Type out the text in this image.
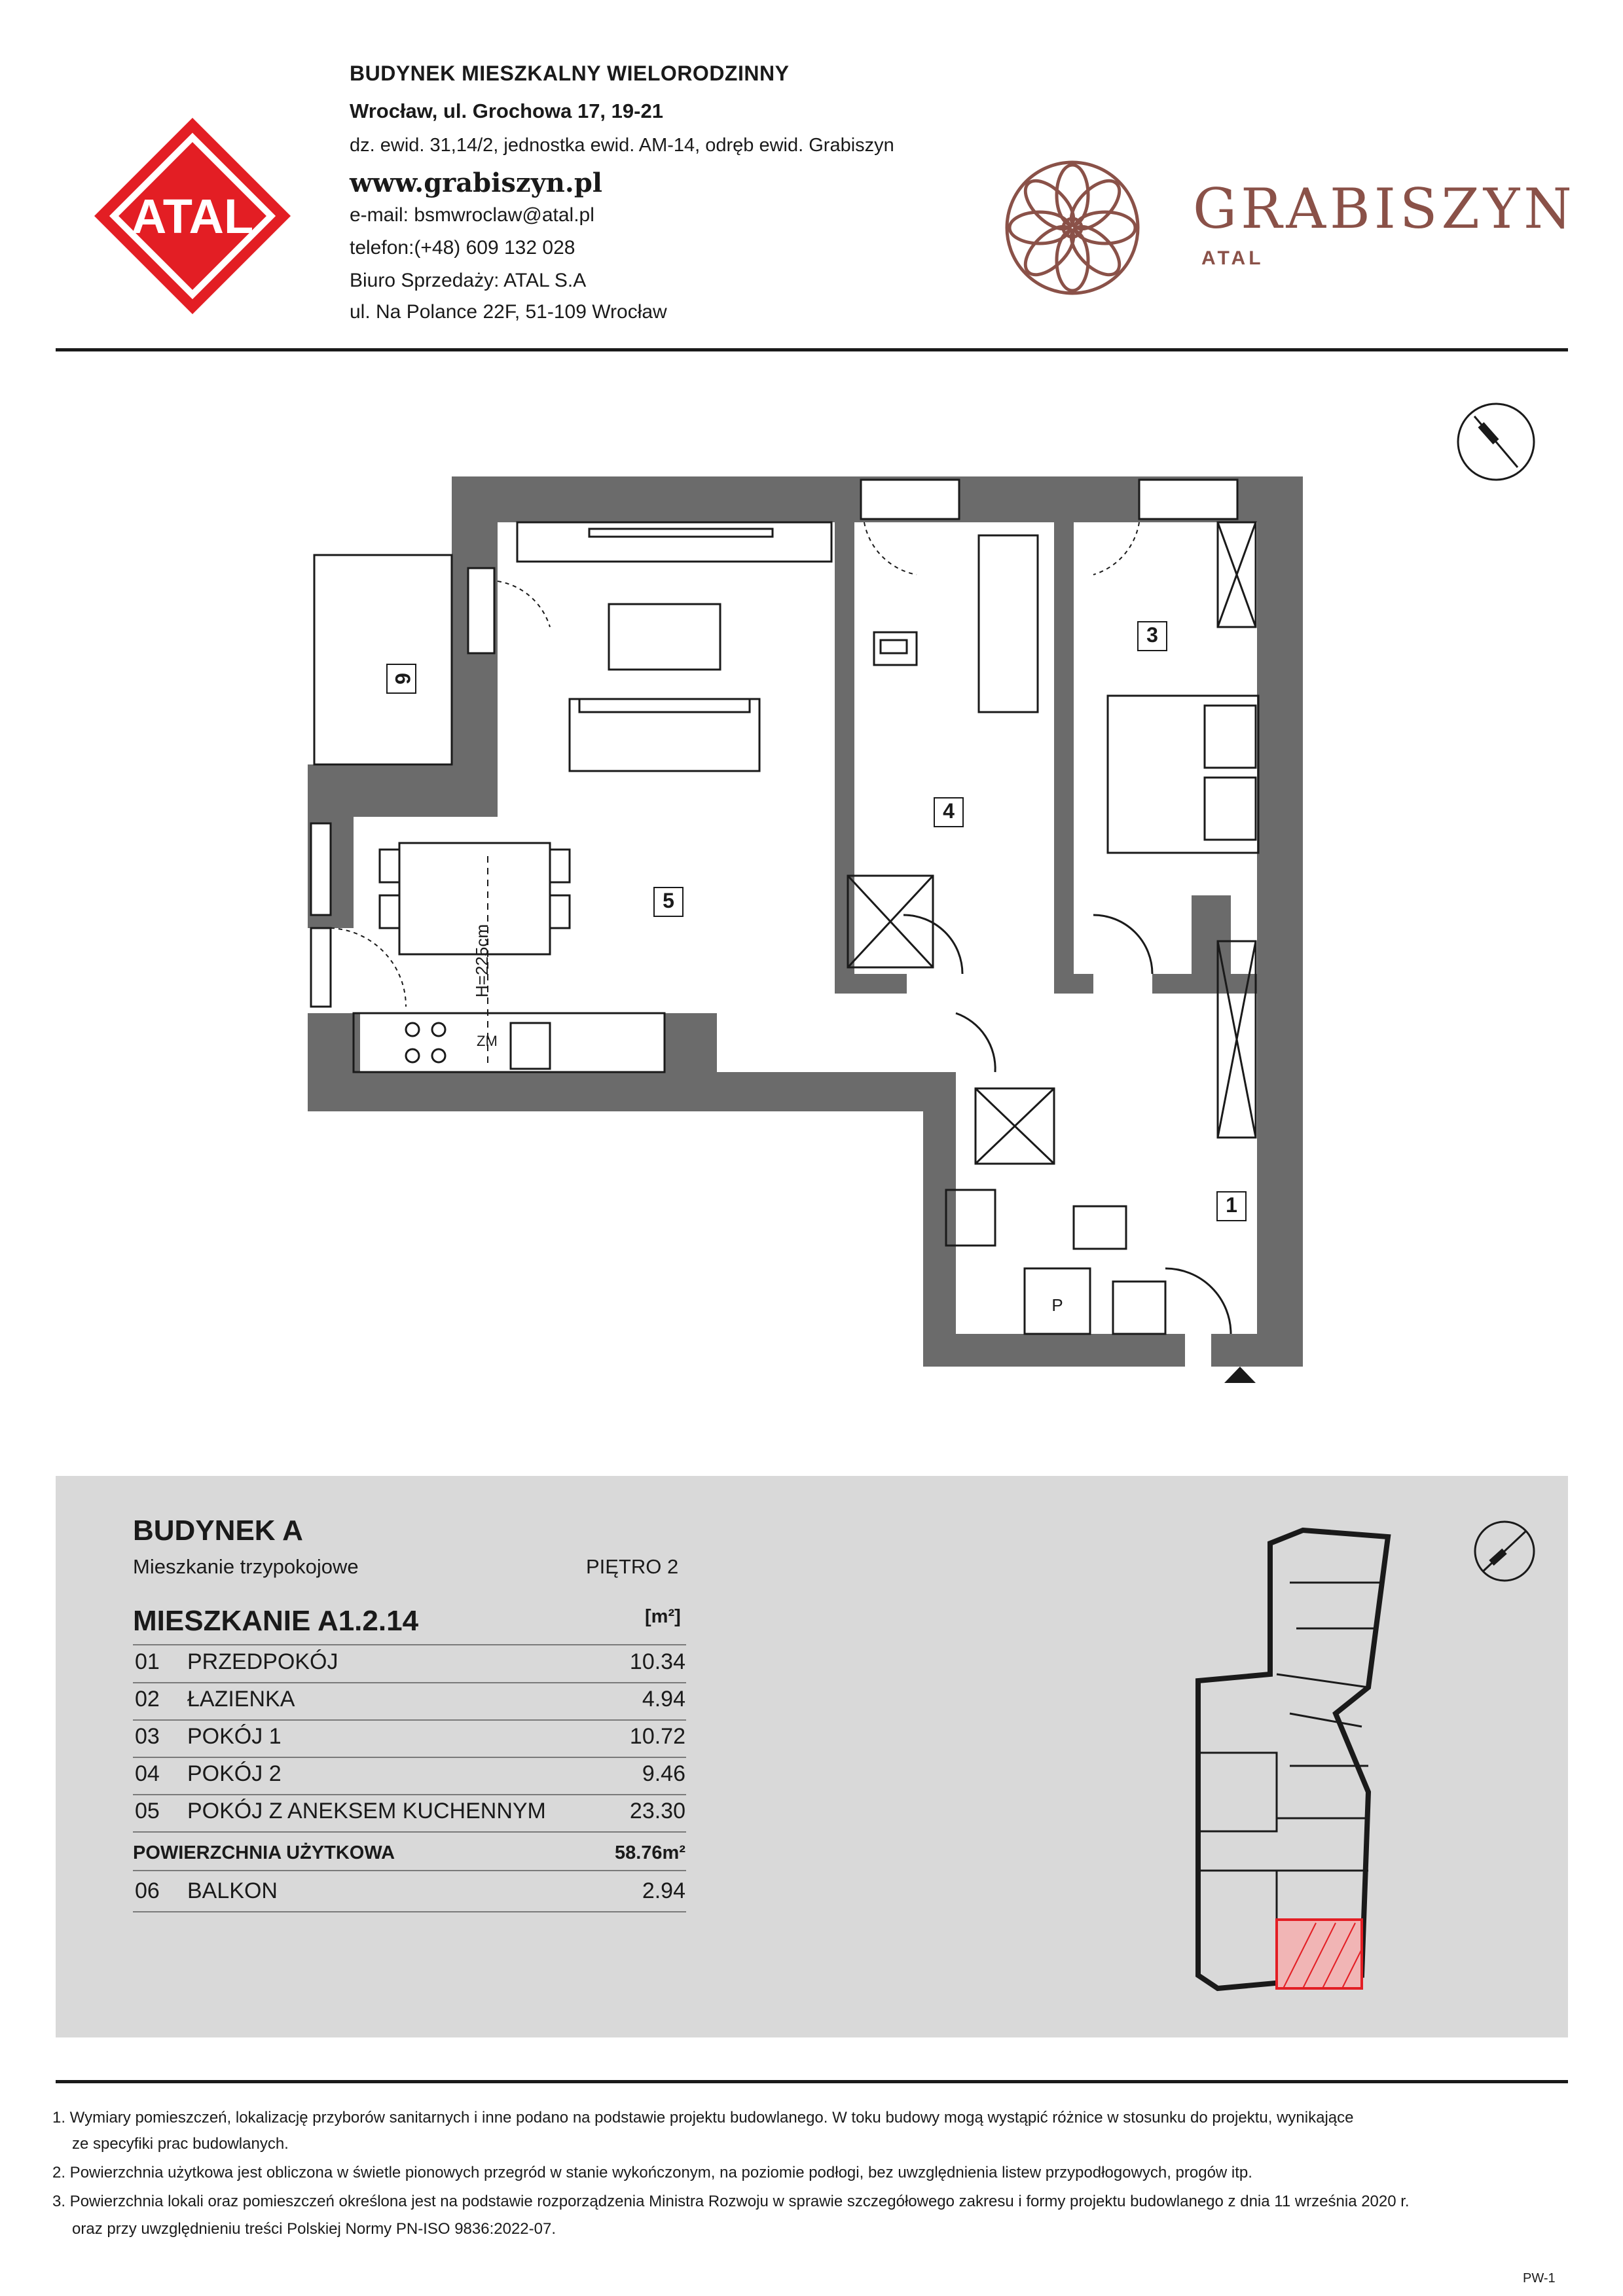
ATAL
BUDYNEK MIESZKALNY WIELORODZINNY
Wrocław, ul. Grochowa 17, 19-21
dz. ewid. 31,14/2, jednostka ewid. AM-14, odręb ewid. Grabiszyn
www.grabiszyn.pl
e-mail: bsmwroclaw@atal.pl
telefon:(+48) 609 132 028
Biuro Sprzedaży: ATAL S.A
ul. Na Polance 22F, 51-109 Wrocław
GRABISZYN
ATAL
H=225cm
ZM
P
3
4
5
1
6
BUDYNEK A
Mieszkanie trzypokojowe	PIĘTRO 2
MIESZKANIE A1.2.14	[m²]
01 PRZEDPOKÓJ	10.34
02 ŁAZIENKA	4.94
03 POKÓJ 1	10.72
04 POKÓJ 2	9.46
05 POKÓJ Z ANEKSEM KUCHENNYM	23.30
POWIERZCHNIA UŻYTKOWA	58.76m²
06 BALKON	2.94
1. Wymiary pomieszczeń, lokalizację przyborów sanitarnych i inne podano na podstawie projektu budowlanego. W toku budowy mogą wystąpić różnice w stosunku do projektu, wynikające
ze specyfiki prac budowlanych.
2. Powierzchnia użytkowa jest obliczona w świetle pionowych przegród w stanie wykończonym, na poziomie podłogi, bez uwzględnienia listew przypodłogowych, progów itp.
3. Powierzchnia lokali oraz pomieszczeń określona jest na podstawie rozporządzenia Ministra Rozwoju w sprawie szczegółowego zakresu i formy projektu budowlanego z dnia 11 września 2020 r.
oraz przy uwzględnieniu treści Polskiej Normy PN-ISO 9836:2022-07.
PW-1
